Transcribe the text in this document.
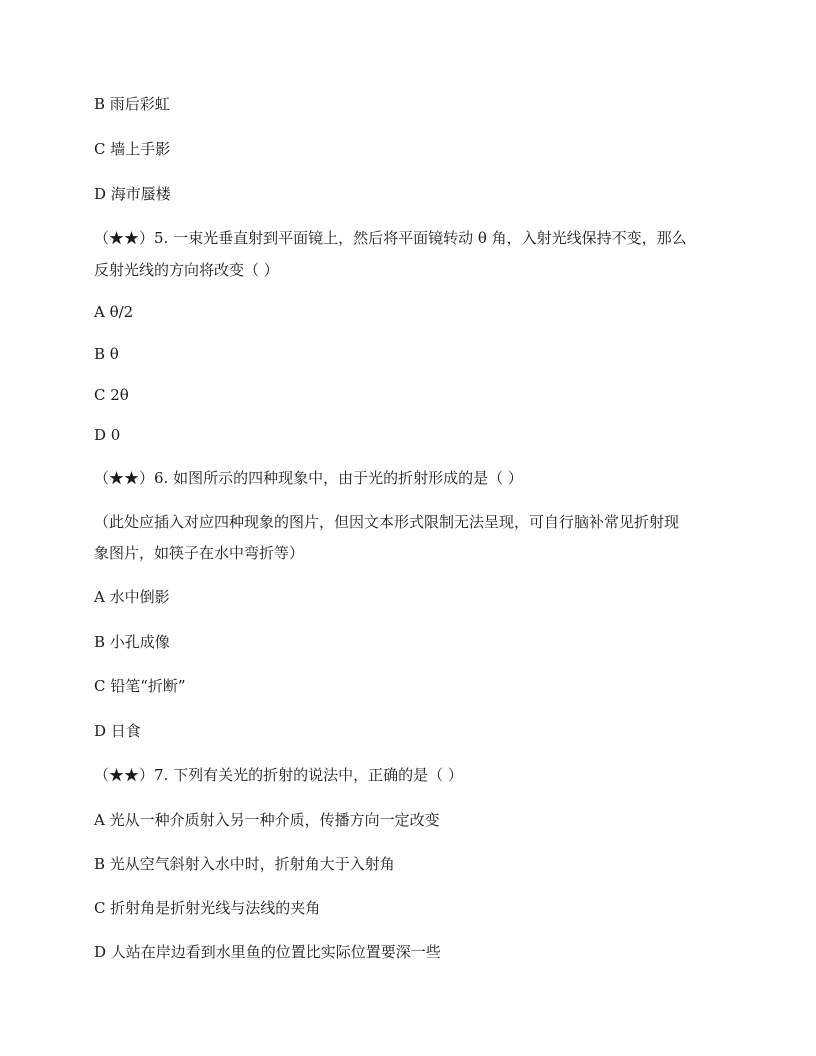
B 雨后彩虹
C 墙上手影
D 海市蜃楼
（★★）5. 一束光垂直射到平面镜上，然后将平面镜转动 θ 角，入射光线保持不变，那么
反射光线的方向将改变（ ）
A θ/2
B θ
C 2θ
D 0
（★★）6. 如图所示的四种现象中，由于光的折射形成的是（ ）
（此处应插入对应四种现象的图片，但因文本形式限制无法呈现，可自行脑补常见折射现
象图片，如筷子在水中弯折等）
A 水中倒影
B 小孔成像
C 铅笔“折断”
D 日食
（★★）7. 下列有关光的折射的说法中，正确的是（ ）
A 光从一种介质射入另一种介质，传播方向一定改变
B 光从空气斜射入水中时，折射角大于入射角
C 折射角是折射光线与法线的夹角
D 人站在岸边看到水里鱼的位置比实际位置要深一些
